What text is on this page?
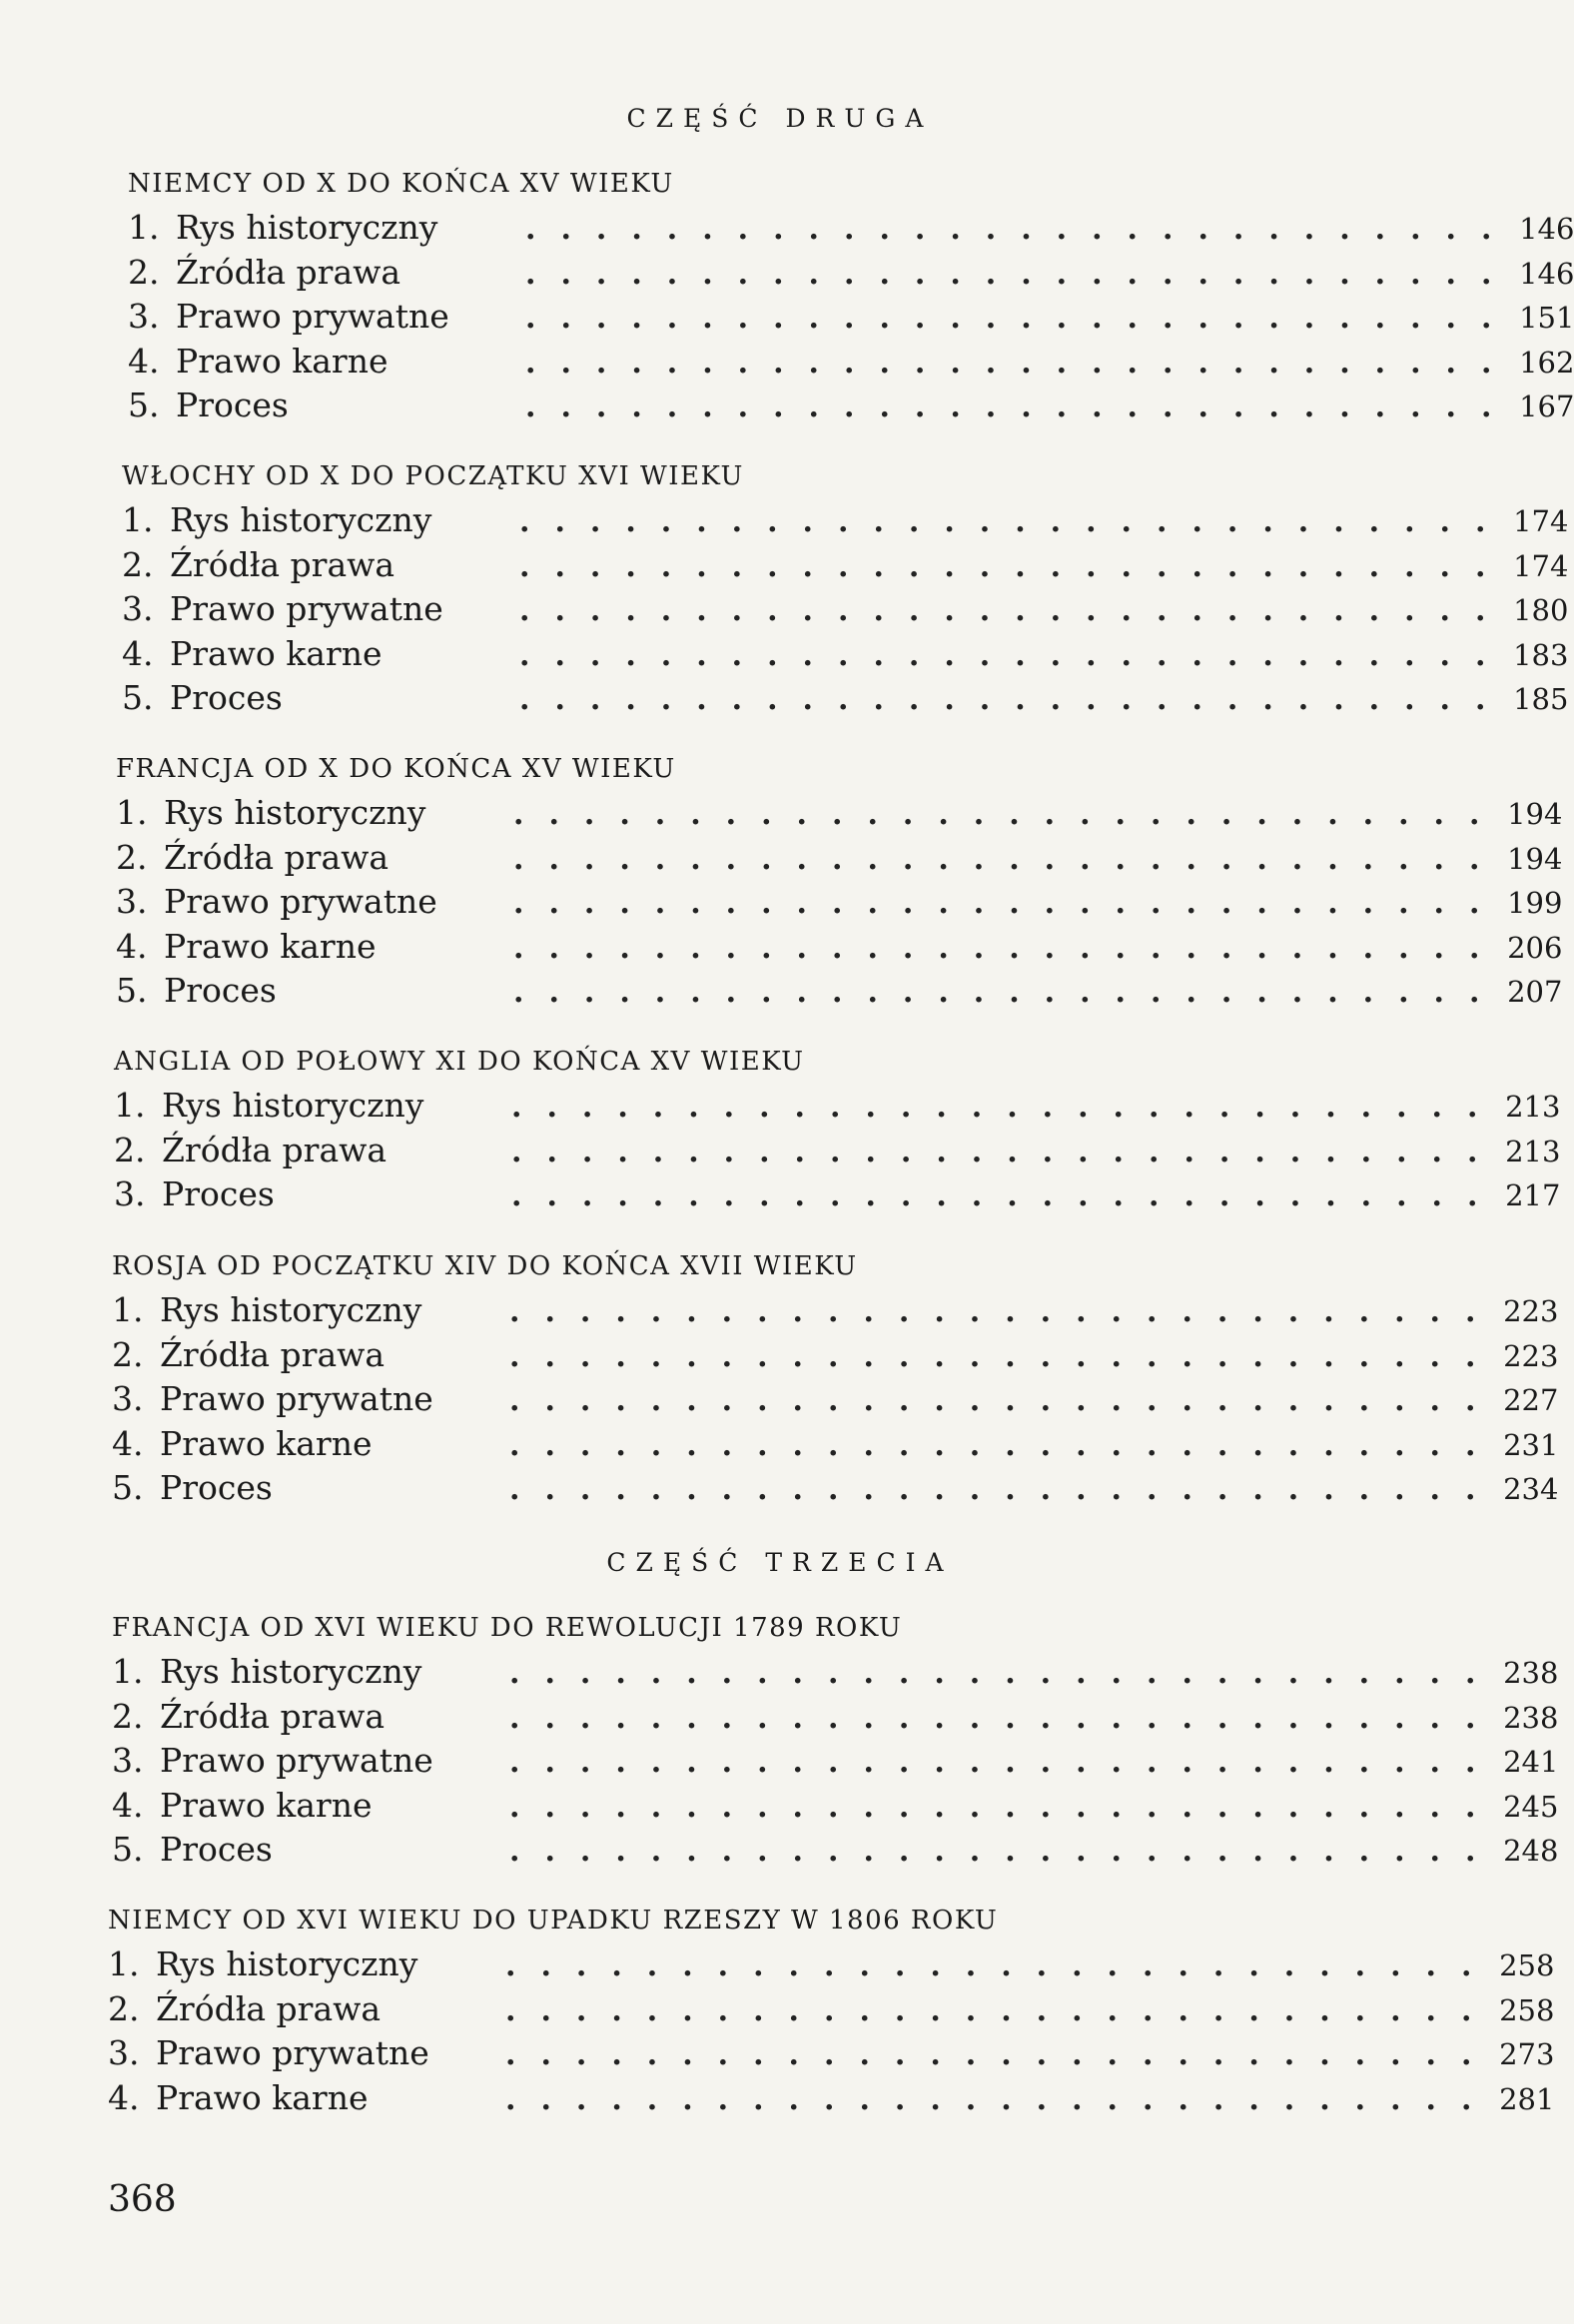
CZĘŚĆ DRUGA
NIEMCY OD X DO KOŃCA XV WIEKU
1. Rys historyczny	............................ 146
2. Źródła prawa	............................ 146
3. Prawo prywatne	............................ 151
4. Prawo karne	............................ 162
5. Proces	............................ 167
WŁOCHY OD X DO POCZĄTKU XVI WIEKU
1. Rys historyczny	............................ 174
2. Źródła prawa	............................ 174
3. Prawo prywatne	............................ 180
4. Prawo karne	............................ 183
5. Proces	............................ 185
FRANCJA OD X DO KOŃCA XV WIEKU
1. Rys historyczny	............................ 194
2. Źródła prawa	............................ 194
3. Prawo prywatne	............................ 199
4. Prawo karne	............................ 206
5. Proces	............................ 207
ANGLIA OD POŁOWY XI DO KOŃCA XV WIEKU
1. Rys historyczny	............................ 213
2. Źródła prawa	............................ 213
3. Proces	............................ 217
ROSJA OD POCZĄTKU XIV DO KOŃCA XVII WIEKU
1. Rys historyczny	............................ 223
2. Źródła prawa	............................ 223
3. Prawo prywatne	............................ 227
4. Prawo karne	............................ 231
5. Proces	............................ 234
CZĘŚĆ TRZECIA
FRANCJA OD XVI WIEKU DO REWOLUCJI 1789 ROKU
1. Rys historyczny	............................ 238
2. Źródła prawa	............................ 238
3. Prawo prywatne	............................ 241
4. Prawo karne	............................ 245
5. Proces	............................ 248
NIEMCY OD XVI WIEKU DO UPADKU RZESZY W 1806 ROKU
1. Rys historyczny	............................ 258
2. Źródła prawa	............................ 258
3. Prawo prywatne	............................ 273
4. Prawo karne	............................ 281
368
